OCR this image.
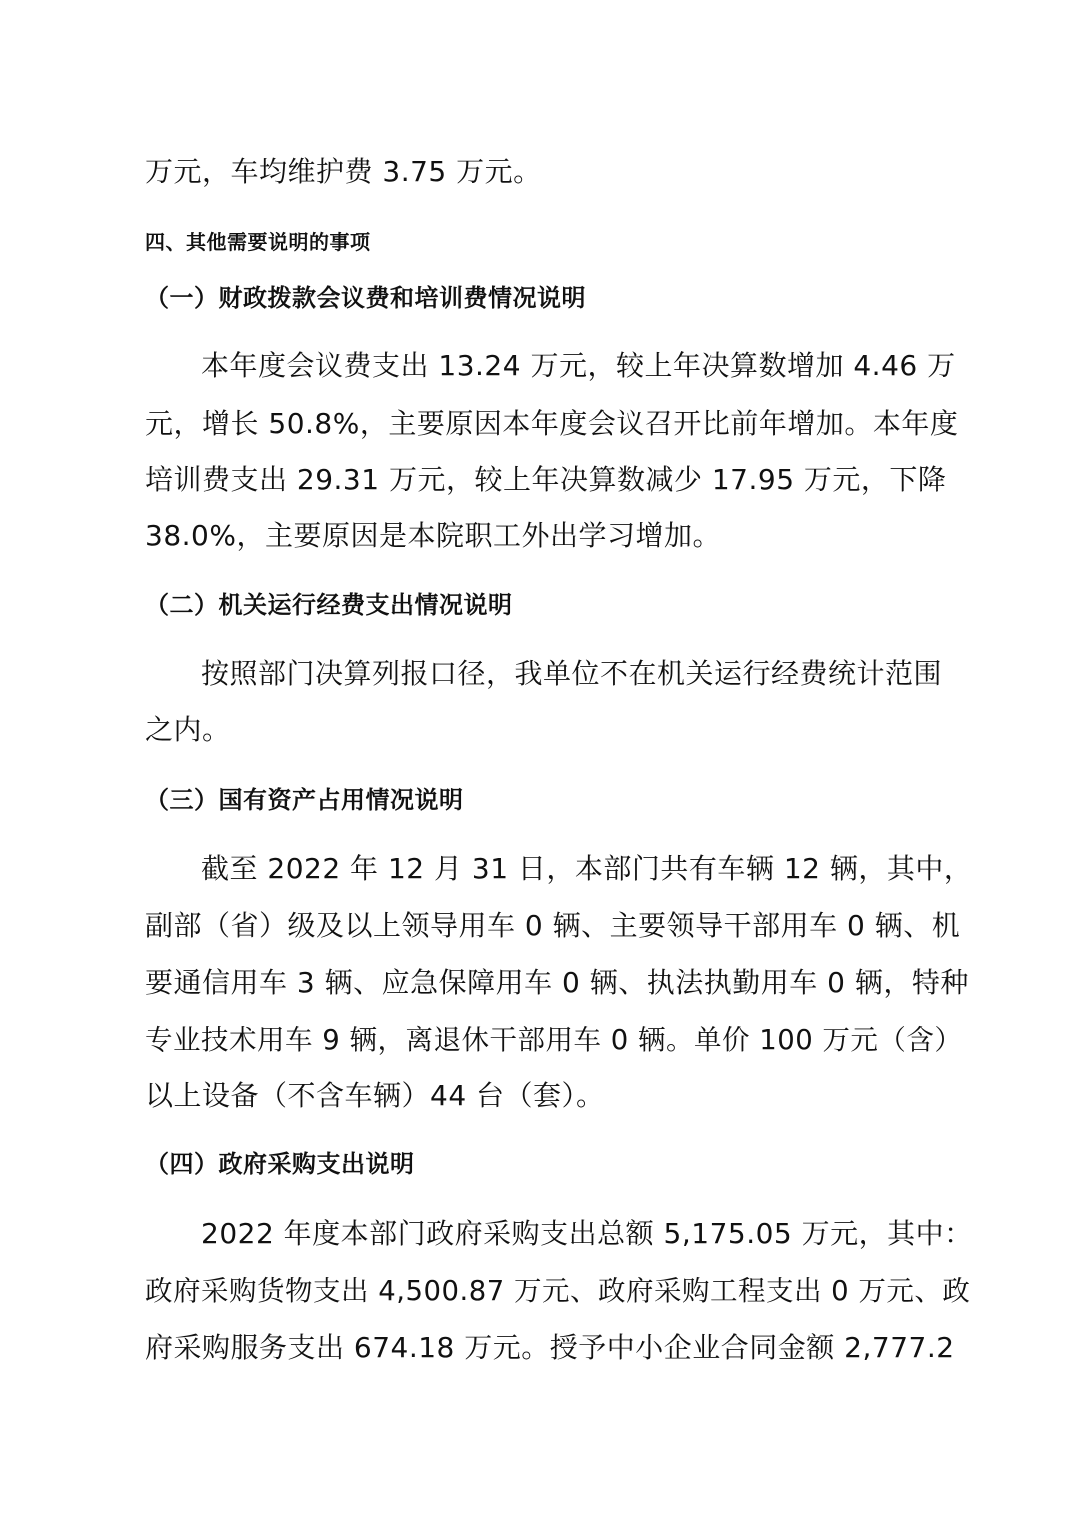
万元，车均维护费 3.75 万元。
四、其他需要说明的事项
（一）财政拨款会议费和培训费情况说明
本年度会议费支出 13.24 万元，较上年决算数增加 4.46 万
元，增长 50.8%，主要原因本年度会议召开比前年增加。本年度
培训费支出 29.31 万元，较上年决算数减少 17.95 万元，下降
38.0%，主要原因是本院职工外出学习增加。
（二）机关运行经费支出情况说明
按照部门决算列报口径，我单位不在机关运行经费统计范围
之内。
（三）国有资产占用情况说明
截至 2022 年 12 月 31 日，本部门共有车辆 12 辆，其中，
副部（省）级及以上领导用车 0 辆、主要领导干部用车 0 辆、机
要通信用车 3 辆、应急保障用车 0 辆、执法执勤用车 0 辆，特种
专业技术用车 9 辆，离退休干部用车 0 辆。单价 100 万元（含）
以上设备（不含车辆）44 台（套）。
（四）政府采购支出说明
2022 年度本部门政府采购支出总额 5,175.05 万元，其中：
政府采购货物支出 4,500.87 万元、政府采购工程支出 0 万元、政
府采购服务支出 674.18 万元。授予中小企业合同金额 2,777.2
